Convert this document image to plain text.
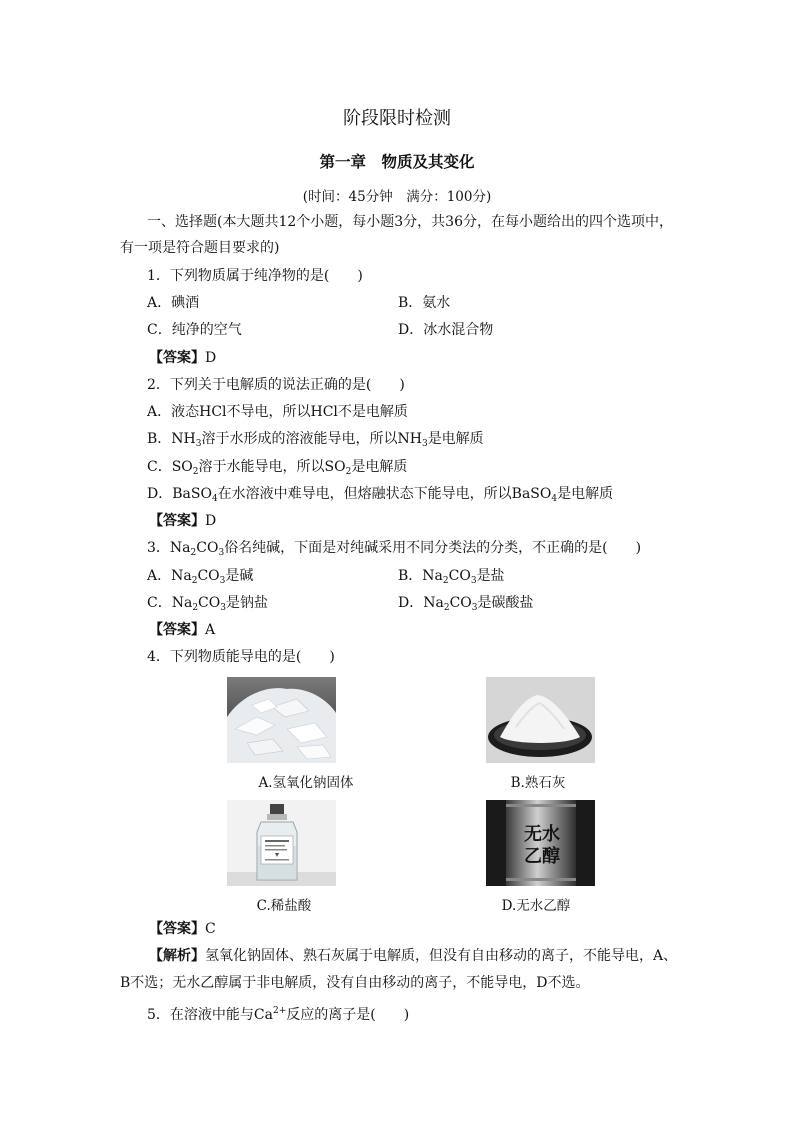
阶段限时检测
第一章　物质及其变化
(时间：45分钟　满分：100分)
一、选择题(本大题共12个小题，每小题3分，共36分，在每小题给出的四个选项中，
有一项是符合题目要求的)
1．下列物质属于纯净物的是(　　)
A．碘酒	B．氨水
C．纯净的空气	D．冰水混合物
【答案】D
2．下列关于电解质的说法正确的是(　　)
A．液态HCl不导电，所以HCl不是电解质
B．$NH_3$溶于水形成的溶液能导电，所以$NH_3$是电解质
C．$SO_2$溶于水能导电，所以$SO_2$是电解质
D．BaSO$_4$在水溶液中难导电，但熔融状态下能导电，所以BaSO$_4$是电解质
【答案】D
3．$Na_2CO_3$俗名纯碱，下面是对纯碱采用不同分类法的分类，不正确的是(　　)
A．$Na_2CO_3$是碱	B．$Na_2CO_3$是盐
C．$Na_2CO_3$是钠盐	D．$Na_2CO_3$是碳酸盐
【答案】A
4．下列物质能导电的是(　　)
A.氢氧化钠固体	B.熟石灰
C.稀盐酸
无水
乙醇
D.无水乙醇
【答案】C
【解析】氢氧化钠固体、熟石灰属于电解质，但没有自由移动的离子，不能导电，A、
B不选；无水乙醇属于非电解质，没有自由移动的离子，不能导电，D不选。
5．在溶液中能与$Ca^{2+}$反应的离子是(　　)
